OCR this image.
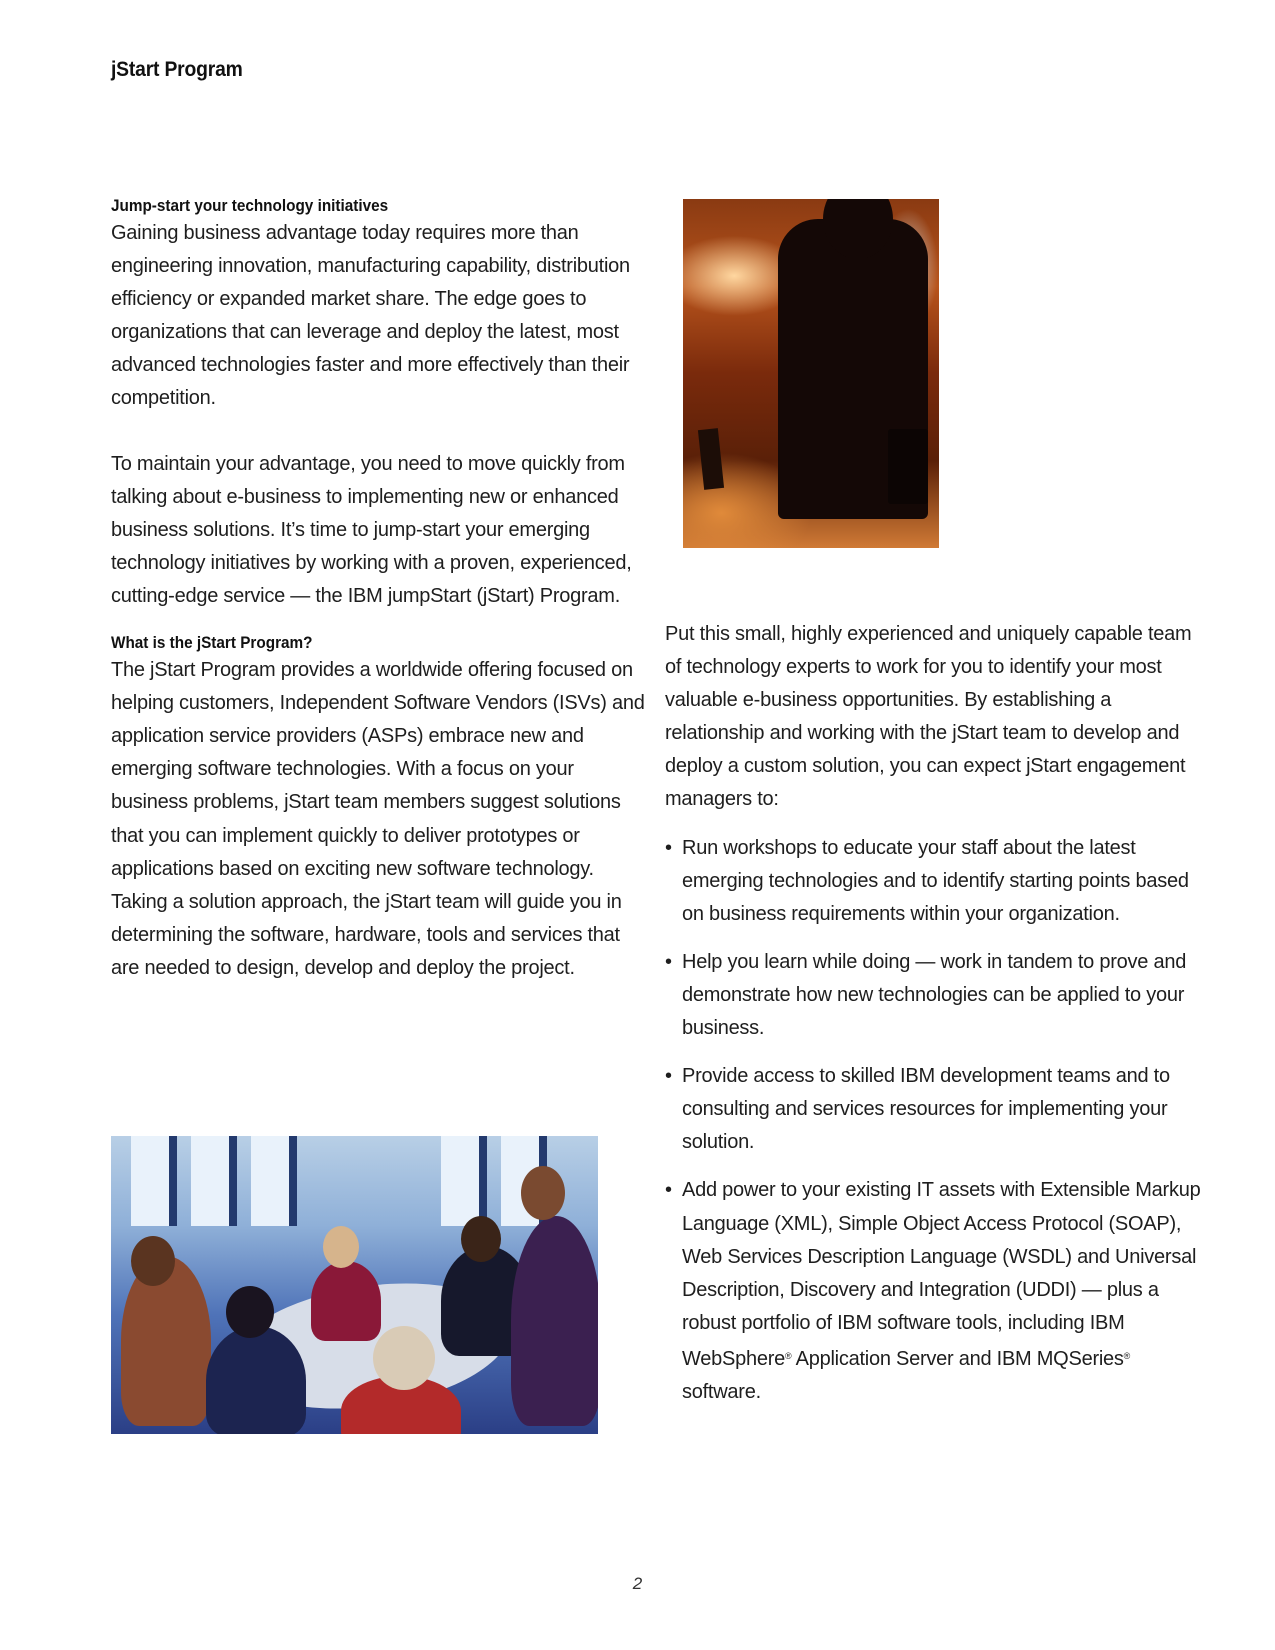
jStart Program
Jump-start your technology initiatives

Gaining business advantage today requires more than engineering innovation, manufacturing capability, distribution efficiency or expanded market share. The edge goes to organizations that can leverage and deploy the latest, most advanced technologies faster and more effectively than their competition.

To maintain your advantage, you need to move quickly from talking about e-business to implementing new or enhanced business solutions. It’s time to jump-start your emerging technology initiatives by working with a proven, experienced, cutting-edge service — the IBM jumpStart (jStart) Program.

What is the jStart Program?

The jStart Program provides a worldwide offering focused on helping customers, Independent Software Vendors (ISVs) and application service providers (ASPs) embrace new and emerging software technologies. With a focus on your business problems, jStart team members suggest solutions that you can implement quickly to deliver prototypes or applications based on exciting new software technology. Taking a solution approach, the jStart team will guide you in determining the software, hardware, tools and services that are needed to design, develop and deploy the project.

Put this small, highly experienced and uniquely capable team of technology experts to work for you to identify your most valuable e-business opportunities. By establishing a relationship and working with the jStart team to develop and deploy a custom solution, you can expect jStart engagement managers to:

• Run workshops to educate your staff about the latest emerging technologies and to identify starting points based on business requirements within your organization.
• Help you learn while doing — work in tandem to prove and demonstrate how new technologies can be applied to your business.
• Provide access to skilled IBM development teams and to consulting and services resources for implementing your solution.
• Add power to your existing IT assets with Extensible Markup Language (XML), Simple Object Access Protocol (SOAP), Web Services Description Language (WSDL) and Universal Description, Discovery and Integration (UDDI) — plus a robust portfolio of IBM software tools, including IBM WebSphere® Application Server and IBM MQSeries® software.
2
